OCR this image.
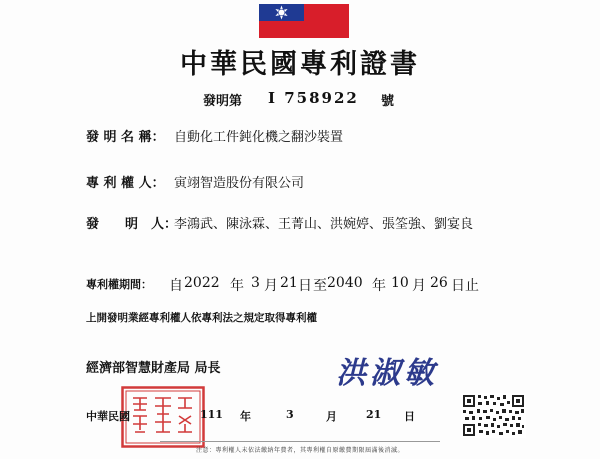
中華民國專利證書
發明第 I 758922 號
發 明 名 稱： 自動化工件鈍化機之翻沙裝置
專 利 權 人： 寅翊智造股份有限公司
發　　明　人：
李鴻武、陳泳霖、王菁山、洪婉婷、張筌強、劉宴良
專利權期間： 自 2022 年 3 月 21 日 至 2040 年 10 月 26 日止
上開發明業經專利權人依專利法之規定取得專利權
經濟部智慧財產局 局長	洪淑敏
中華民國	111 年	3	月	21 日
注意：專利權人未依法繳納年費者，其專利權自原繳費期限屆滿後消滅。
